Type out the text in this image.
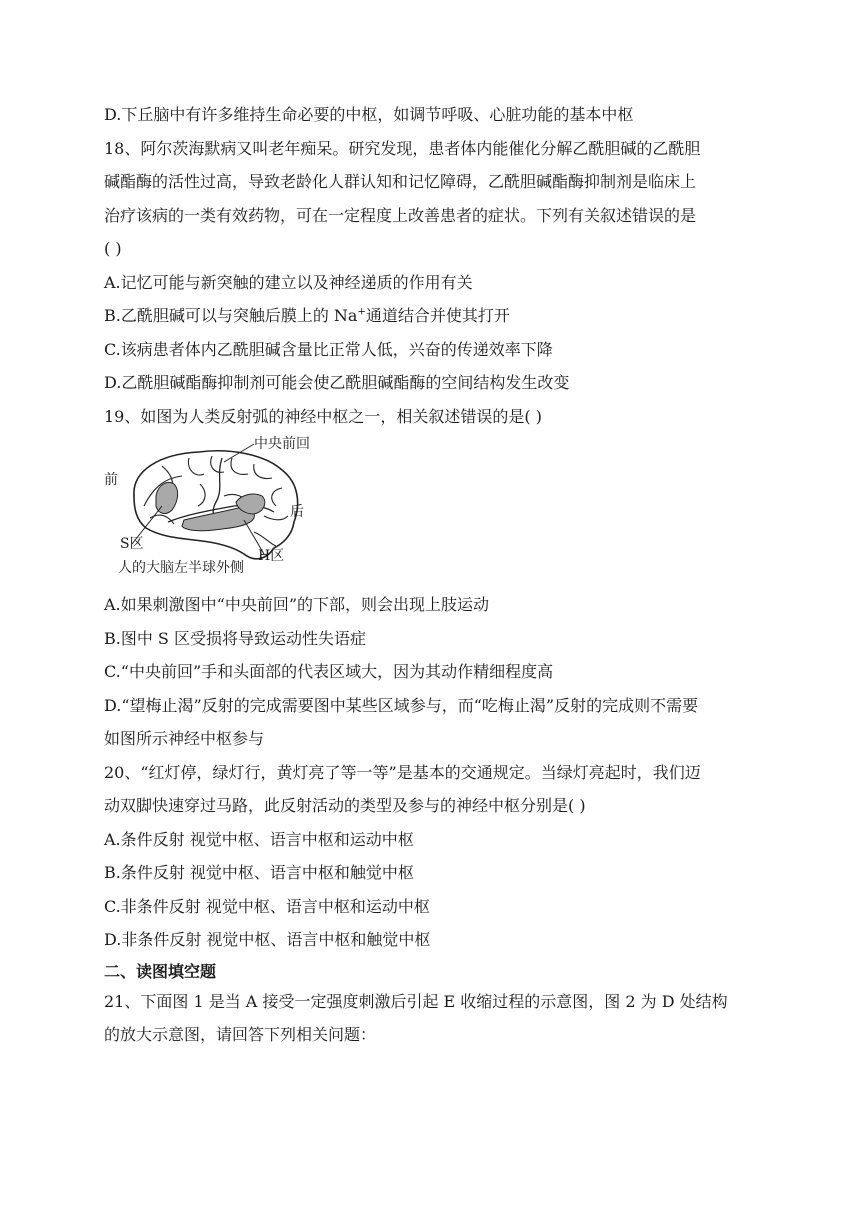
D.下丘脑中有许多维持生命必要的中枢，如调节呼吸、心脏功能的基本中枢
18、阿尔茨海默病又叫老年痴呆。研究发现，患者体内能催化分解乙酰胆碱的乙酰胆
碱酯酶的活性过高，导致老龄化人群认知和记忆障碍，乙酰胆碱酯酶抑制剂是临床上
治疗该病的一类有效药物，可在一定程度上改善患者的症状。下列有关叙述错误的是
( )
A.记忆可能与新突触的建立以及神经递质的作用有关
B.乙酰胆碱可以与突触后膜上的 Na+通道结合并使其打开
C.该病患者体内乙酰胆碱含量比正常人低，兴奋的传递效率下降
D.乙酰胆碱酯酶抑制剂可能会使乙酰胆碱酯酶的空间结构发生改变
19、如图为人类反射弧的神经中枢之一，相关叙述错误的是( )
中央前回
前
后
S区
H区
人的大脑左半球外侧
A.如果刺激图中“中央前回”的下部，则会出现上肢运动
B.图中 S 区受损将导致运动性失语症
C.“中央前回”手和头面部的代表区域大，因为其动作精细程度高
D.“望梅止渴”反射的完成需要图中某些区域参与，而“吃梅止渴”反射的完成则不需要
如图所示神经中枢参与
20、“红灯停，绿灯行，黄灯亮了等一等”是基本的交通规定。当绿灯亮起时，我们迈
动双脚快速穿过马路，此反射活动的类型及参与的神经中枢分别是( )
A.条件反射 视觉中枢、语言中枢和运动中枢
B.条件反射 视觉中枢、语言中枢和触觉中枢
C.非条件反射 视觉中枢、语言中枢和运动中枢
D.非条件反射 视觉中枢、语言中枢和触觉中枢
二、读图填空题
21、下面图 1 是当 A 接受一定强度刺激后引起 E 收缩过程的示意图，图 2 为 D 处结构
的放大示意图，请回答下列相关问题：
